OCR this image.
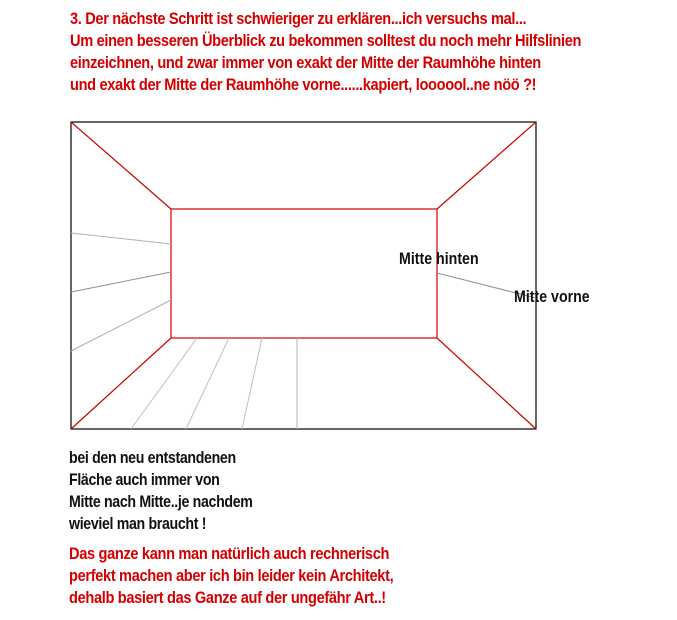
3. Der nächste Schritt ist schwieriger zu erklären...ich versuchs mal...
Um einen besseren Überblick zu bekommen solltest du noch mehr Hilfslinien
einzeichnen, und zwar immer von exakt der Mitte der Raumhöhe hinten
und exakt der Mitte der Raumhöhe vorne......kapiert, loooool..ne nöö ?!
Mitte hinten
Mitte vorne
bei den neu entstandenen
Fläche auch immer von
Mitte nach Mitte..je nachdem
wieviel man braucht !
Das ganze kann man natürlich auch rechnerisch
perfekt machen aber ich bin leider kein Architekt,
dehalb basiert das Ganze auf der ungefähr Art..!
